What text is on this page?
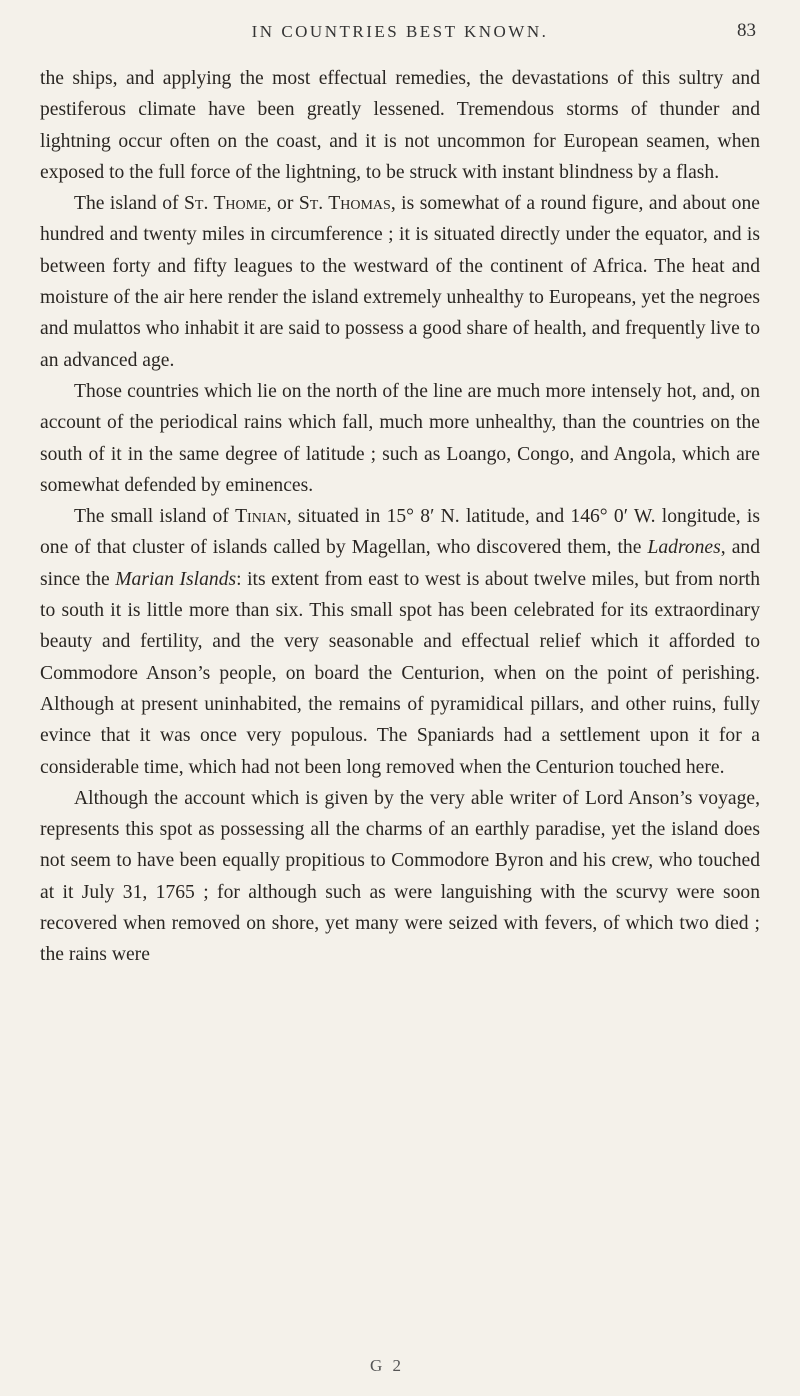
IN COUNTRIES BEST KNOWN.	83

the ships, and applying the most effectual remedies, the devastations of this sultry and pestiferous climate have been greatly lessened. Tremendous storms of thunder and lightning occur often on the coast, and it is not uncommon for European seamen, when exposed to the full force of the lightning, to be struck with instant blindness by a flash.

The island of St. Thome, or St. Thomas, is somewhat of a round figure, and about one hundred and twenty miles in circumference ; it is situated directly under the equator, and is between forty and fifty leagues to the westward of the continent of Africa. The heat and moisture of the air here render the island extremely unhealthy to Europeans, yet the negroes and mulattos who inhabit it are said to possess a good share of health, and frequently live to an advanced age.

Those countries which lie on the north of the line are much more intensely hot, and, on account of the periodical rains which fall, much more unhealthy, than the countries on the south of it in the same degree of latitude ; such as Loango, Congo, and Angola, which are somewhat defended by eminences.

The small island of Tinian, situated in 15° 8′ N. latitude, and 146° 0′ W. longitude, is one of that cluster of islands called by Magellan, who discovered them, the Ladrones, and since the Marian Islands: its extent from east to west is about twelve miles, but from north to south it is little more than six. This small spot has been celebrated for its extraordinary beauty and fertility, and the very seasonable and effectual relief which it afforded to Commodore Anson’s people, on board the Centurion, when on the point of perishing. Although at present uninhabited, the remains of pyramidical pillars, and other ruins, fully evince that it was once very populous. The Spaniards had a settlement upon it for a considerable time, which had not been long removed when the Centurion touched here.

Although the account which is given by the very able writer of Lord Anson’s voyage, represents this spot as possessing all the charms of an earthly paradise, yet the island does not seem to have been equally propitious to Commodore Byron and his crew, who touched at it July 31, 1765 ; for although such as were languishing with the scurvy were soon recovered when removed on shore, yet many were seized with fevers, of which two died ; the rains were

G 2
